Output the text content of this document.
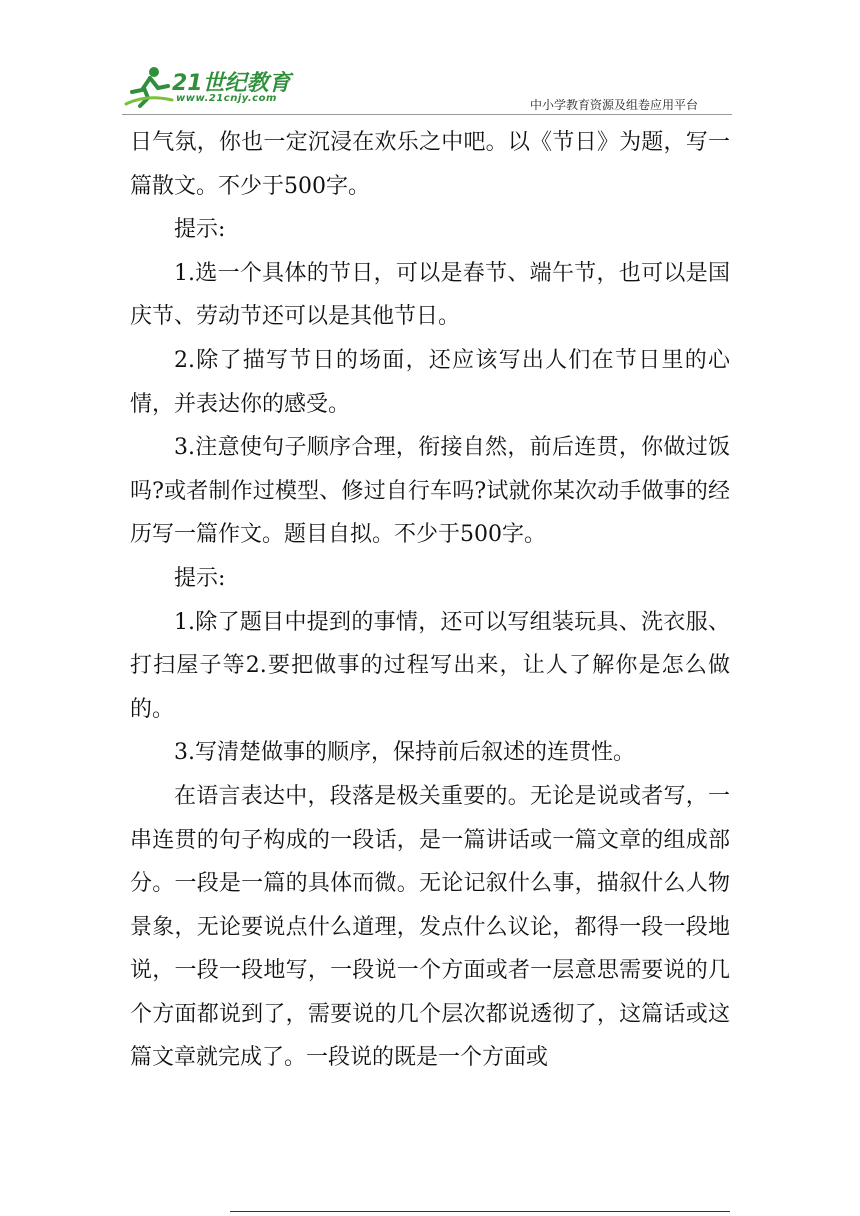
21世纪教育
www.21cnjy.com	中小学教育资源及组卷应用平台

日气氛，你也一定沉浸在欢乐之中吧。以《节日》为题，写一篇散文。不少于500字。

提示:

1.选一个具体的节日，可以是春节、端午节，也可以是国庆节、劳动节还可以是其他节日。

2.除了描写节日的场面，还应该写出人们在节日里的心情，并表达你的感受。

3.注意使句子顺序合理，衔接自然，前后连贯，你做过饭吗?或者制作过模型、修过自行车吗?试就你某次动手做事的经历写一篇作文。题目自拟。不少于500字。

提示:

1.除了题目中提到的事情，还可以写组装玩具、洗衣服、打扫屋子等2.要把做事的过程写出来，让人了解你是怎么做的。

3.写清楚做事的顺序，保持前后叙述的连贯性。

在语言表达中，段落是极关重要的。无论是说或者写，一串连贯的句子构成的一段话，是一篇讲话或一篇文章的组成部分。一段是一篇的具体而微。无论记叙什么事，描叙什么人物景象，无论要说点什么道理，发点什么议论，都得一段一段地说，一段一段地写，一段说一个方面或者一层意思需要说的几个方面都说到了，需要说的几个层次都说透彻了，这篇话或这篇文章就完成了。一段说的既是一个方面或
